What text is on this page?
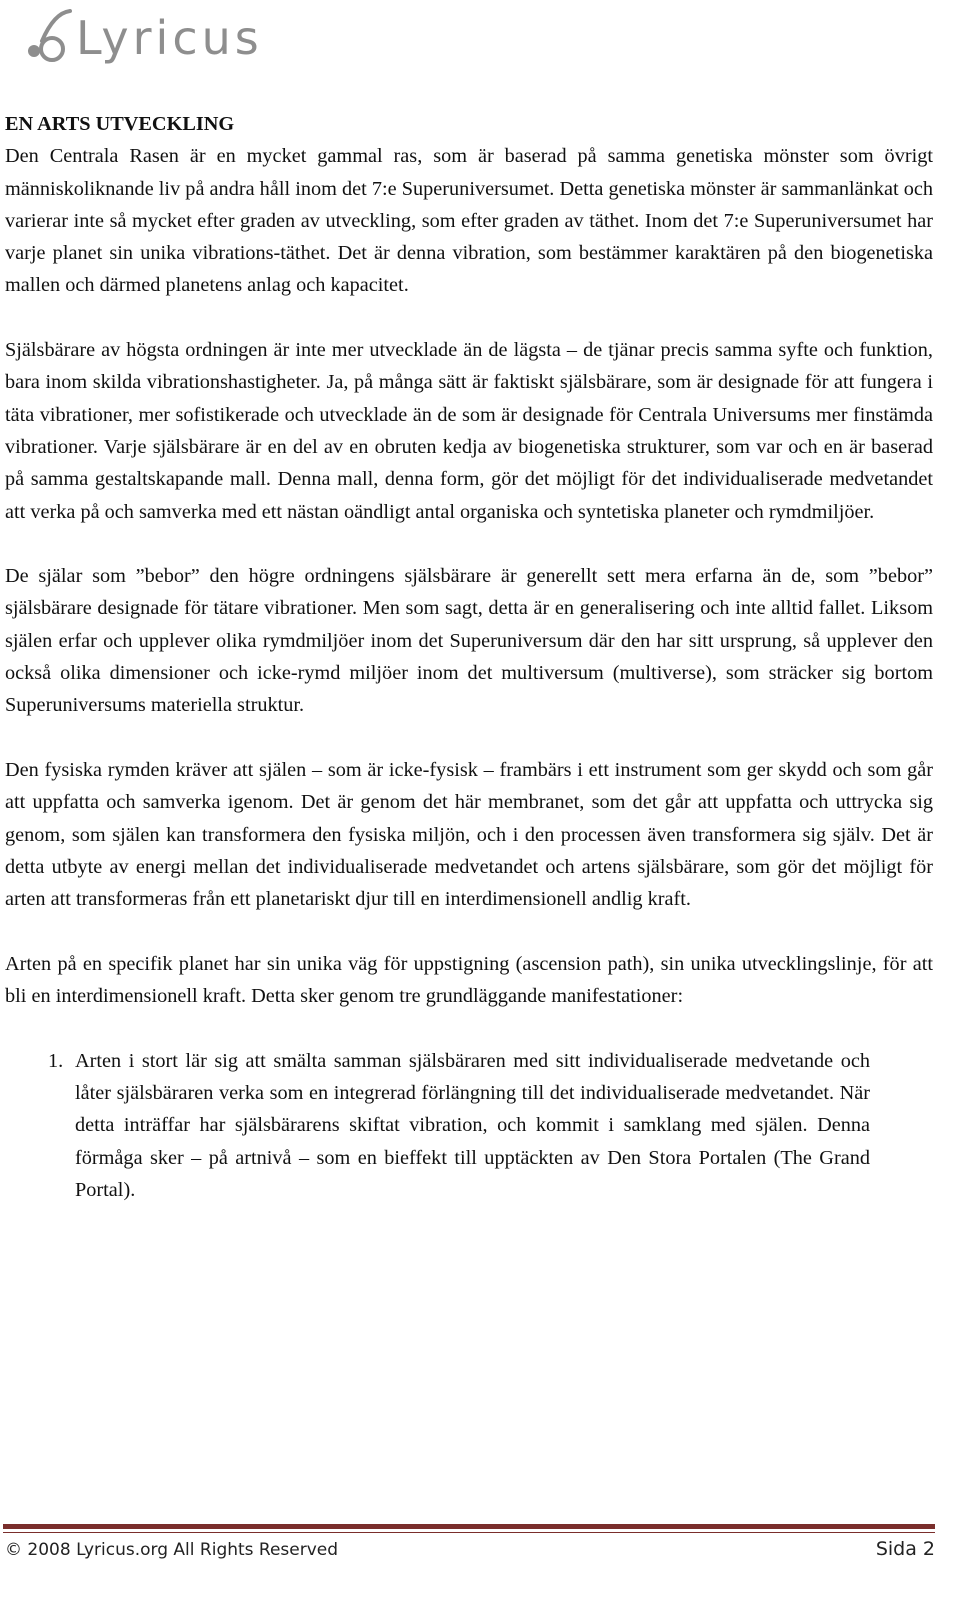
Lyricus
EN ARTS UTVECKLING

Den Centrala Rasen är en mycket gammal ras, som är baserad på samma genetiska mönster som övrigt människoliknande liv på andra håll inom det 7:e Superuniversumet. Detta genetiska mönster är sammanlänkat och varierar inte så mycket efter graden av utveckling, som efter graden av täthet. Inom det 7:e Superuniversumet har varje planet sin unika vibrations-täthet. Det är denna vibration, som bestämmer karaktären på den biogenetiska mallen och därmed planetens anlag och kapacitet.

Själsbärare av högsta ordningen är inte mer utvecklade än de lägsta – de tjänar precis samma syfte och funktion, bara inom skilda vibrationshastigheter. Ja, på många sätt är faktiskt själsbärare, som är designade för att fungera i täta vibrationer, mer sofistikerade och utvecklade än de som är designade för Centrala Universums mer finstämda vibrationer. Varje själsbärare är en del av en obruten kedja av biogenetiska strukturer, som var och en är baserad på samma gestaltskapande mall. Denna mall, denna form, gör det möjligt för det individualiserade medvetandet att verka på och samverka med ett nästan oändligt antal organiska och syntetiska planeter och rymdmiljöer.

De själar som ”bebor” den högre ordningens själsbärare är generellt sett mera erfarna än de, som ”bebor” själsbärare designade för tätare vibrationer. Men som sagt, detta är en generalisering och inte alltid fallet. Liksom själen erfar och upplever olika rymdmiljöer inom det Superuniversum där den har sitt ursprung, så upplever den också olika dimensioner och icke-rymd miljöer inom det multiversum (multiverse), som sträcker sig bortom Superuniversums materiella struktur.

Den fysiska rymden kräver att själen – som är icke-fysisk – frambärs i ett instrument som ger skydd och som går att uppfatta och samverka igenom. Det är genom det här membranet, som det går att uppfatta och uttrycka sig genom, som själen kan transformera den fysiska miljön, och i den processen även transformera sig själv. Det är detta utbyte av energi mellan det individualiserade medvetandet och artens själsbärare, som gör det möjligt för arten att transformeras från ett planetariskt djur till en interdimensionell andlig kraft.

Arten på en specifik planet har sin unika väg för uppstigning (ascension path), sin unika utvecklingslinje, för att bli en interdimensionell kraft. Detta sker genom tre grundläggande manifestationer:

1. Arten i stort lär sig att smälta samman själsbäraren med sitt individualiserade medvetande och låter själsbäraren verka som en integrerad förlängning till det individualiserade medvetandet. När detta inträffar har själsbärarens skiftat vibration, och kommit i samklang med själen. Denna förmåga sker – på artnivå – som en bieffekt till upptäckten av Den Stora Portalen (The Grand Portal).
© 2008 Lyricus.org All Rights Reserved	Sida 2
